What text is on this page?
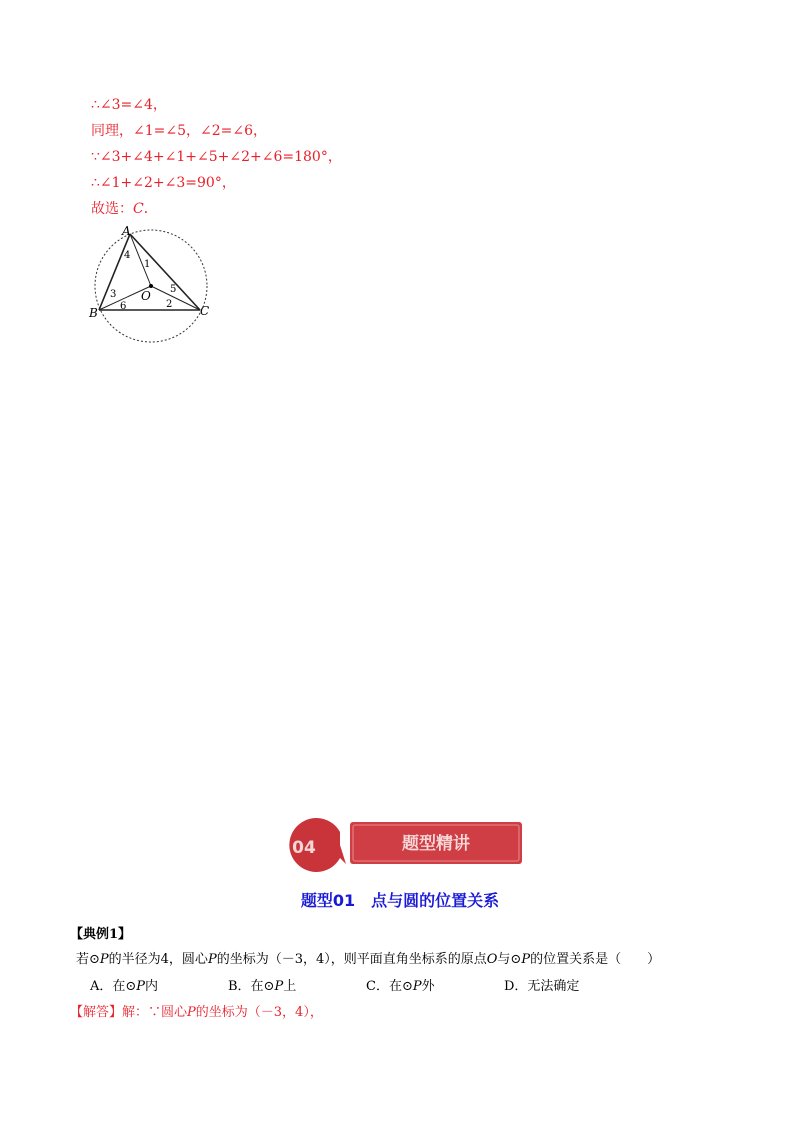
∴∠3=∠4，
同理，∠1=∠5，∠2=∠6，
∵∠3+∠4+∠1+∠5+∠2+∠6=180°，
∴∠1+∠2+∠3=90°，
故选：C．
A
B	C
O
1
2
3
4
5
6
04	题型精讲
题型01　点与圆的位置关系
【典例1】
若⊙P的半径为4，圆心P的坐标为（－3，4），则平面直角坐标系的原点O与⊙P的位置关系是（　　）
A．在⊙P内	B．在⊙P上	C．在⊙P外	D．无法确定
【解答】解：∵圆心P的坐标为（－3，4），
